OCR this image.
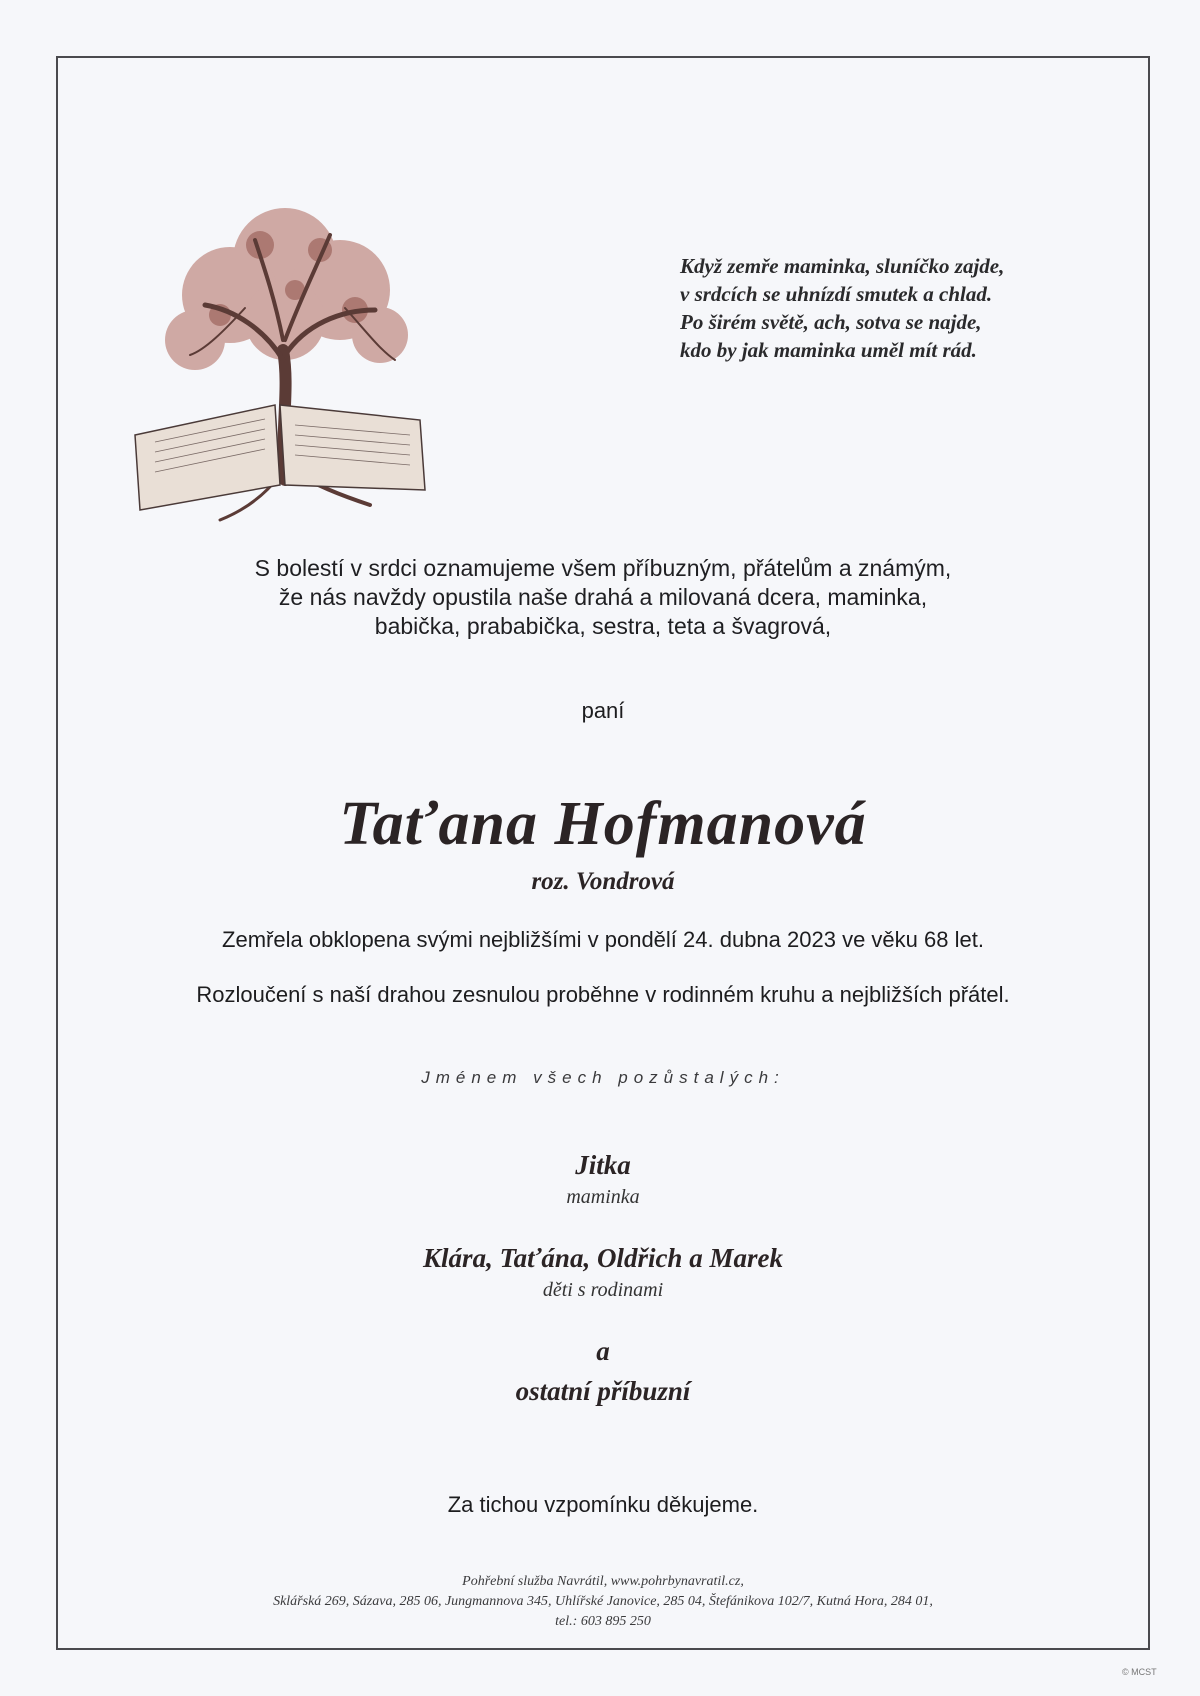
Když zemře maminka, sluníčko zajde,
v srdcích se uhnízdí smutek a chlad.
Po širém světě, ach, sotva se najde,
kdo by jak maminka uměl mít rád.
S bolestí v srdci oznamujeme všem příbuzným, přátelům a známým,
že nás navždy opustila naše drahá a milovaná dcera, maminka,
babička, prababička, sestra, teta a švagrová,
paní
Taťana Hofmanová
roz. Vondrová
Zemřela obklopena svými nejbližšími v pondělí 24. dubna 2023 ve věku 68 let.
Rozloučení s naší drahou zesnulou proběhne v rodinném kruhu a nejbližších přátel.
Jménem všech pozůstalých:
Jitka
maminka
Klára, Taťána, Oldřich a Marek
děti s rodinami
a
ostatní příbuzní
Za tichou vzpomínku děkujeme.
Pohřební služba Navrátil, www.pohrbynavratil.cz,
Sklářská 269, Sázava, 285 06, Jungmannova 345, Uhlířské Janovice, 285 04, Štefánikova 102/7, Kutná Hora, 284 01,
tel.: 603 895 250
© MCST
